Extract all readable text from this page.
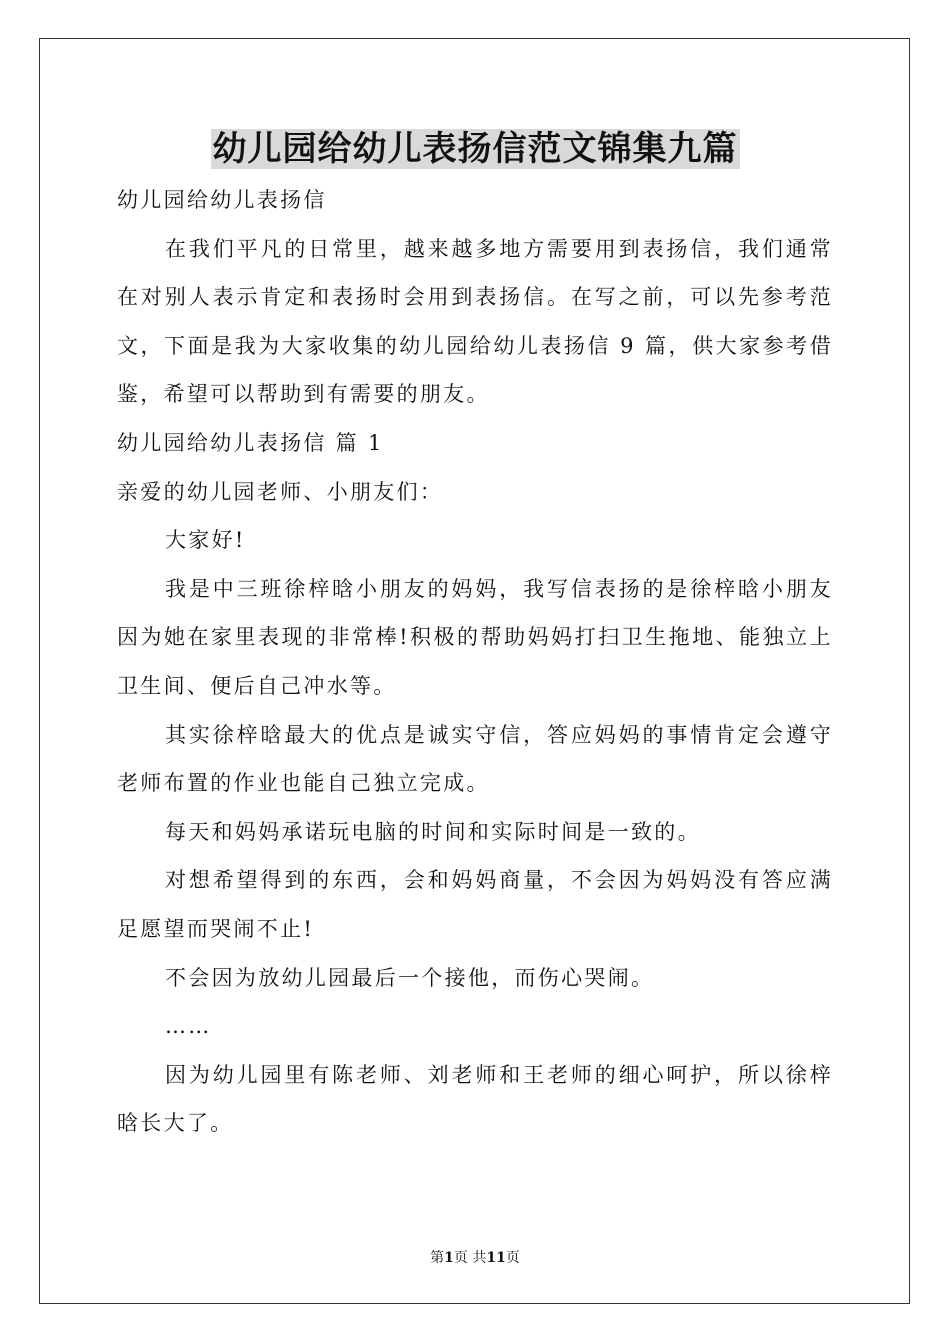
幼儿园给幼儿表扬信范文锦集九篇

幼儿园给幼儿表扬信

在我们平凡的日常里，越来越多地方需要用到表扬信，我们通常在对别人表示肯定和表扬时会用到表扬信。在写之前，可以先参考范文，下面是我为大家收集的幼儿园给幼儿表扬信 9 篇，供大家参考借鉴，希望可以帮助到有需要的朋友。

幼儿园给幼儿表扬信 篇 1

亲爱的幼儿园老师、小朋友们：

大家好!

我是中三班徐梓晗小朋友的妈妈，我写信表扬的是徐梓晗小朋友因为她在家里表现的非常棒!积极的帮助妈妈打扫卫生拖地、能独立上卫生间、便后自己冲水等。

其实徐梓晗最大的优点是诚实守信，答应妈妈的事情肯定会遵守老师布置的作业也能自己独立完成。

每天和妈妈承诺玩电脑的时间和实际时间是一致的。

对想希望得到的东西，会和妈妈商量，不会因为妈妈没有答应满足愿望而哭闹不止!

不会因为放幼儿园最后一个接他，而伤心哭闹。

……

因为幼儿园里有陈老师、刘老师和王老师的细心呵护，所以徐梓晗长大了。

第1页 共11页
